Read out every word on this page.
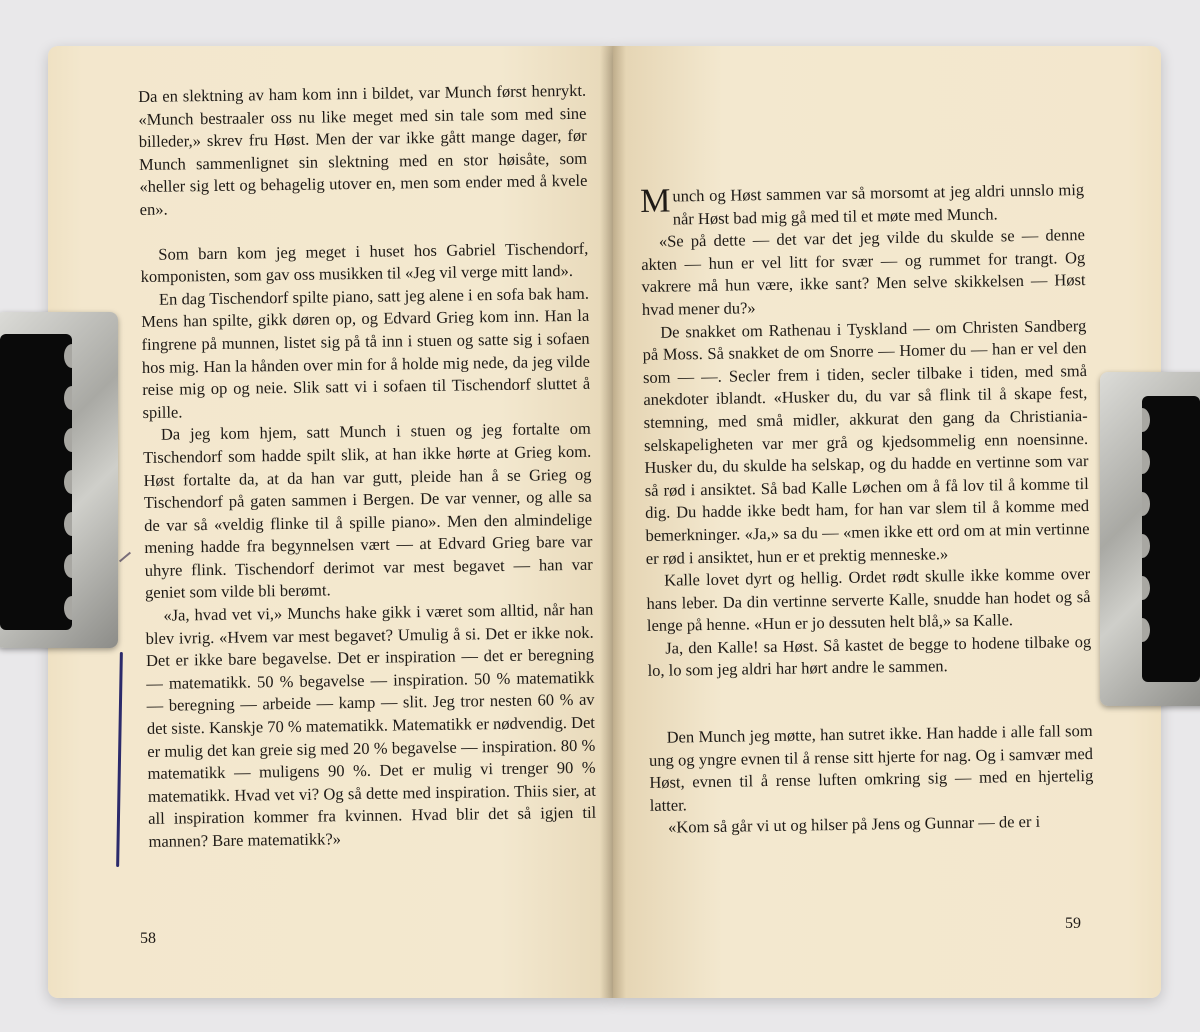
Da en slektning av ham kom inn i bildet, var Munch først henrykt. «Munch bestraaler oss nu like meget med sin tale som med sine billeder,» skrev fru Høst. Men der var ikke gått mange dager, før Munch sammenlignet sin slektning med en stor høisåte, som «heller sig lett og behagelig utover en, men som ender med å kvele en».

Som barn kom jeg meget i huset hos Gabriel Tischendorf, komponisten, som gav oss musikken til «Jeg vil verge mitt land».

En dag Tischendorf spilte piano, satt jeg alene i en sofa bak ham. Mens han spilte, gikk døren op, og Edvard Grieg kom inn. Han la fingrene på munnen, listet sig på tå inn i stuen og satte sig i sofaen hos mig. Han la hånden over min for å holde mig nede, da jeg vilde reise mig op og neie. Slik satt vi i sofaen til Tischendorf sluttet å spille.

Da jeg kom hjem, satt Munch i stuen og jeg fortalte om Tischendorf som hadde spilt slik, at han ikke hørte at Grieg kom. Høst fortalte da, at da han var gutt, pleide han å se Grieg og Tischendorf på gaten sammen i Bergen. De var venner, og alle sa de var så «veldig flinke til å spille piano». Men den almindelige mening hadde fra begynnelsen vært — at Edvard Grieg bare var uhyre flink. Tischendorf derimot var mest begavet — han var geniet som vilde bli berømt.

«Ja, hvad vet vi,» Munchs hake gikk i været som alltid, når han blev ivrig. «Hvem var mest begavet? Umulig å si. Det er ikke nok. Det er ikke bare begavelse. Det er inspiration — det er beregning — matematikk. 50 % begavelse — inspiration. 50 % matematikk — beregning — arbeide — kamp — slit. Jeg tror nesten 60 % av det siste. Kanskje 70 % matematikk. Matematikk er nødvendig. Det er mulig det kan greie sig med 20 % begavelse — inspiration. 80 % matematikk — muligens 90 %. Det er mulig vi trenger 90 % matematikk. Hvad vet vi? Og så dette med inspiration. Thiis sier, at all inspiration kommer fra kvinnen. Hvad blir det så igjen til mannen? Bare matematikk?»

Munch og Høst sammen var så morsomt at jeg aldri unnslo mig når Høst bad mig gå med til et møte med Munch.

«Se på dette — det var det jeg vilde du skulde se — denne akten — hun er vel litt for svær — og rummet for trangt. Og vakrere må hun være, ikke sant? Men selve skikkelsen — Høst hvad mener du?»

De snakket om Rathenau i Tyskland — om Christen Sandberg på Moss. Så snakket de om Snorre — Homer du — han er vel den som — —. Secler frem i tiden, secler tilbake i tiden, med små anekdoter iblandt. «Husker du, du var så flink til å skape fest, stemning, med små midler, akkurat den gang da Christiania-selskapeligheten var mer grå og kjedsommelig enn noensinne. Husker du, du skulde ha selskap, og du hadde en vertinne som var så rød i ansiktet. Så bad Kalle Løchen om å få lov til å komme til dig. Du hadde ikke bedt ham, for han var slem til å komme med bemerkninger. «Ja,» sa du — «men ikke ett ord om at min vertinne er rød i ansiktet, hun er et prektig menneske.»

Kalle lovet dyrt og hellig. Ordet rødt skulle ikke komme over hans leber. Da din vertinne serverte Kalle, snudde han hodet og så lenge på henne. «Hun er jo dessuten helt blå,» sa Kalle.

Ja, den Kalle! sa Høst. Så kastet de begge to hodene tilbake og lo, lo som jeg aldri har hørt andre le sammen.

Den Munch jeg møtte, han sutret ikke. Han hadde i alle fall som ung og yngre evnen til å rense sitt hjerte for nag. Og i samvær med Høst, evnen til å rense luften omkring sig — med en hjertelig latter.

«Kom så går vi ut og hilser på Jens og Gunnar — de er i

58
59
